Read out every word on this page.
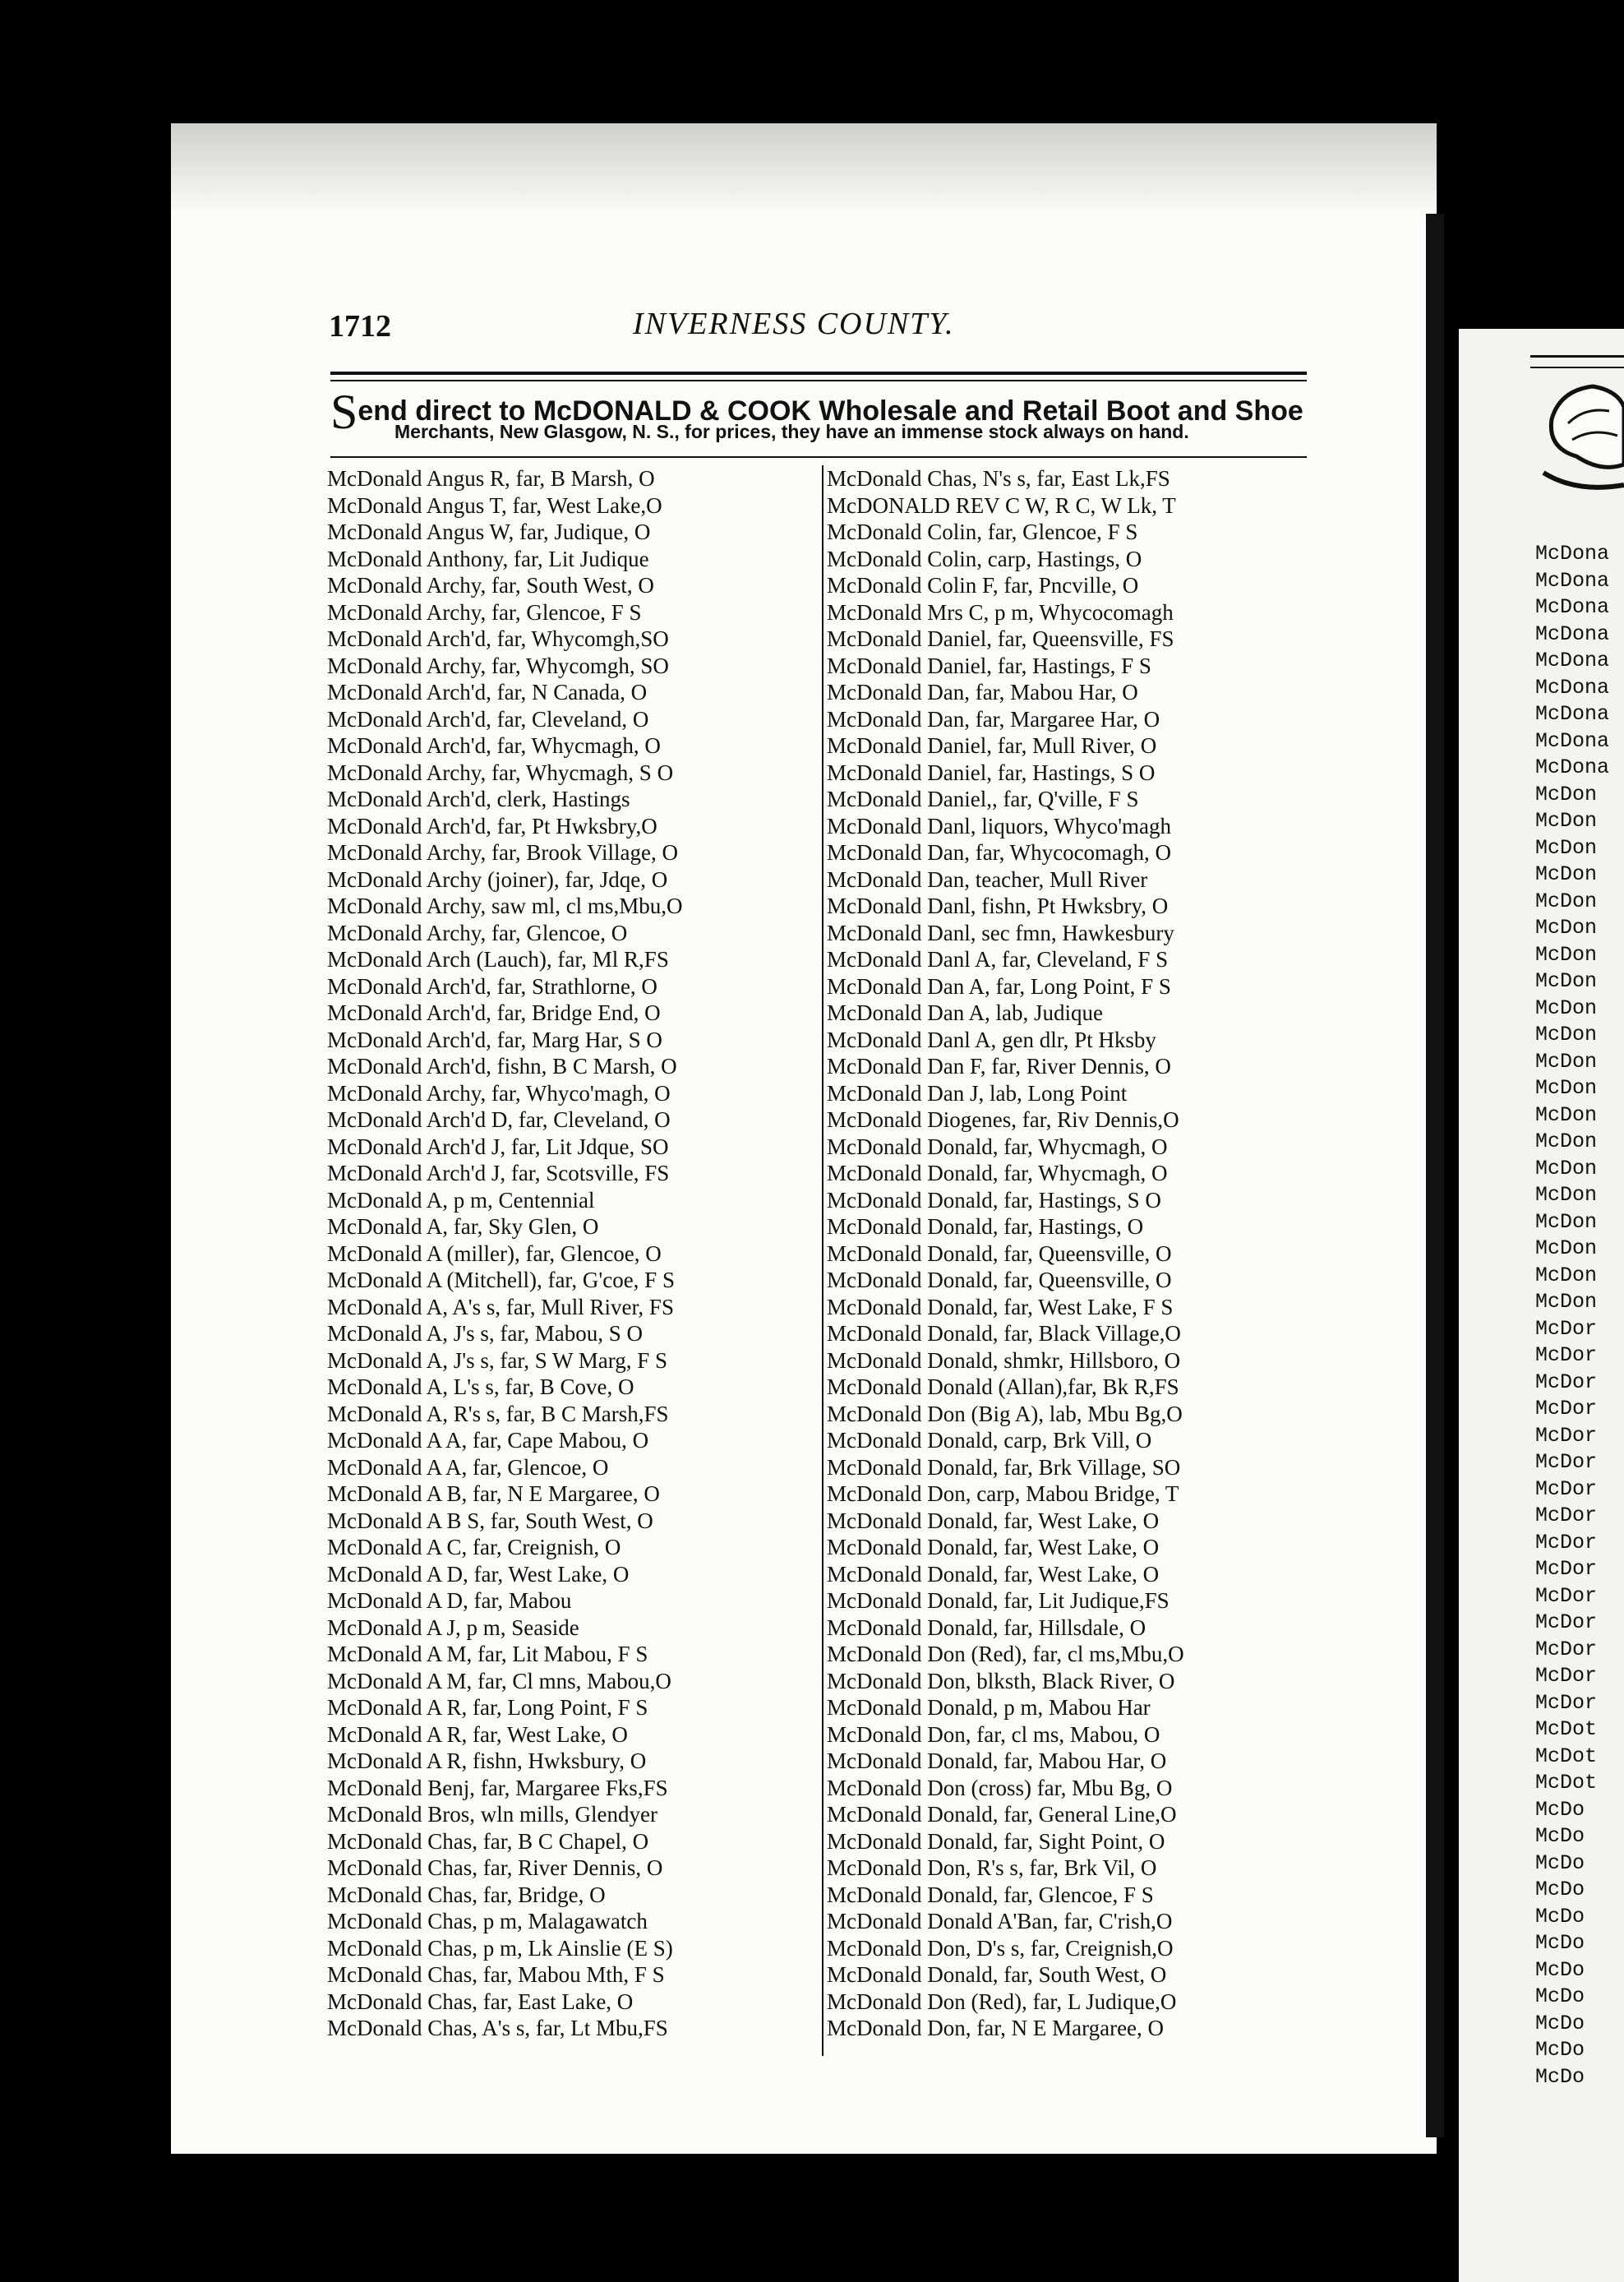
1712	INVERNESS COUNTY.
Send direct to McDONALD & COOK Wholesale and Retail Boot and Shoe
Merchants, New Glasgow, N. S., for prices, they have an immense stock always on hand.
McDonald Angus R, far, B Marsh, O
McDonald Angus T, far, West Lake,O
McDonald Angus W, far, Judique, O
McDonald Anthony, far, Lit Judique
McDonald Archy, far, South West, O
McDonald Archy, far, Glencoe, F S
McDonald Arch'd, far, Whycomgh,SO
McDonald Archy, far, Whycomgh, SO
McDonald Arch'd, far, N Canada, O
McDonald Arch'd, far, Cleveland, O
McDonald Arch'd, far, Whycmagh, O
McDonald Archy, far, Whycmagh, S O
McDonald Arch'd, clerk, Hastings
McDonald Arch'd, far, Pt Hwksbry,O
McDonald Archy, far, Brook Village, O
McDonald Archy (joiner), far, Jdqe, O
McDonald Archy, saw ml, cl ms,Mbu,O
McDonald Archy, far, Glencoe, O
McDonald Arch (Lauch), far, Ml R,FS
McDonald Arch'd, far, Strathlorne, O
McDonald Arch'd, far, Bridge End, O
McDonald Arch'd, far, Marg Har, S O
McDonald Arch'd, fishn, B C Marsh, O
McDonald Archy, far, Whyco'magh, O
McDonald Arch'd D, far, Cleveland, O
McDonald Arch'd J, far, Lit Jdque, SO
McDonald Arch'd J, far, Scotsville, FS
McDonald A, p m, Centennial
McDonald A, far, Sky Glen, O
McDonald A (miller), far, Glencoe, O
McDonald A (Mitchell), far, G'coe, F S
McDonald A, A's s, far, Mull River, FS
McDonald A, J's s, far, Mabou, S O
McDonald A, J's s, far, S W Marg, F S
McDonald A, L's s, far, B Cove, O
McDonald A, R's s, far, B C Marsh,FS
McDonald A A, far, Cape Mabou, O
McDonald A A, far, Glencoe, O
McDonald A B, far, N E Margaree, O
McDonald A B S, far, South West, O
McDonald A C, far, Creignish, O
McDonald A D, far, West Lake, O
McDonald A D, far, Mabou
McDonald A J, p m, Seaside
McDonald A M, far, Lit Mabou, F S
McDonald A M, far, Cl mns, Mabou,O
McDonald A R, far, Long Point, F S
McDonald A R, far, West Lake, O
McDonald A R, fishn, Hwksbury, O
McDonald Benj, far, Margaree Fks,FS
McDonald Bros, wln mills, Glendyer
McDonald Chas, far, B C Chapel, O
McDonald Chas, far, River Dennis, O
McDonald Chas, far, Bridge, O
McDonald Chas, p m, Malagawatch
McDonald Chas, p m, Lk Ainslie (E S)
McDonald Chas, far, Mabou Mth, F S
McDonald Chas, far, East Lake, O
McDonald Chas, A's s, far, Lt Mbu,FS
McDonald Chas, N's s, far, East Lk,FS
McDONALD REV C W, R C, W Lk, T
McDonald Colin, far, Glencoe, F S
McDonald Colin, carp, Hastings, O
McDonald Colin F, far, Pncville, O
McDonald Mrs C, p m, Whycocomagh
McDonald Daniel, far, Queensville, FS
McDonald Daniel, far, Hastings, F S
McDonald Dan, far, Mabou Har, O
McDonald Dan, far, Margaree Har, O
McDonald Daniel, far, Mull River, O
McDonald Daniel, far, Hastings, S O
McDonald Daniel,, far, Q'ville, F S
McDonald Danl, liquors, Whyco'magh
McDonald Dan, far, Whycocomagh, O
McDonald Dan, teacher, Mull River
McDonald Danl, fishn, Pt Hwksbry, O
McDonald Danl, sec fmn, Hawkesbury
McDonald Danl A, far, Cleveland, F S
McDonald Dan A, far, Long Point, F S
McDonald Dan A, lab, Judique
McDonald Danl A, gen dlr, Pt Hksby
McDonald Dan F, far, River Dennis, O
McDonald Dan J, lab, Long Point
McDonald Diogenes, far, Riv Dennis,O
McDonald Donald, far, Whycmagh, O
McDonald Donald, far, Whycmagh, O
McDonald Donald, far, Hastings, S O
McDonald Donald, far, Hastings, O
McDonald Donald, far, Queensville, O
McDonald Donald, far, Queensville, O
McDonald Donald, far, West Lake, F S
McDonald Donald, far, Black Village,O
McDonald Donald, shmkr, Hillsboro, O
McDonald Donald (Allan),far, Bk R,FS
McDonald Don (Big A), lab, Mbu Bg,O
McDonald Donald, carp, Brk Vill, O
McDonald Donald, far, Brk Village, SO
McDonald Don, carp, Mabou Bridge, T
McDonald Donald, far, West Lake, O
McDonald Donald, far, West Lake, O
McDonald Donald, far, West Lake, O
McDonald Donald, far, Lit Judique,FS
McDonald Donald, far, Hillsdale, O
McDonald Don (Red), far, cl ms,Mbu,O
McDonald Don, blksth, Black River, O
McDonald Donald, p m, Mabou Har
McDonald Don, far, cl ms, Mabou, O
McDonald Donald, far, Mabou Har, O
McDonald Don (cross) far, Mbu Bg, O
McDonald Donald, far, General Line,O
McDonald Donald, far, Sight Point, O
McDonald Don, R's s, far, Brk Vil, O
McDonald Donald, far, Glencoe, F S
McDonald Donald A'Ban, far, C'rish,O
McDonald Don, D's s, far, Creignish,O
McDonald Donald, far, South West, O
McDonald Don (Red), far, L Judique,O
McDonald Don, far, N E Margaree, O
McDona
McDona
McDona
McDona
McDona
McDona
McDona
McDona
McDona
McDon
McDon
McDon
McDon
McDon
McDon
McDon
McDon
McDon
McDon
McDon
McDon
McDon
McDon
McDon
McDon
McDon
McDon
McDon
McDon
McDor
McDor
McDor
McDor
McDor
McDor
McDor
McDor
McDor
McDor
McDor
McDor
McDor
McDor
McDor
McDot
McDot
McDot
McDo
McDo
McDo
McDo
McDo
McDo
McDo
McDo
McDo
McDo
McDo
